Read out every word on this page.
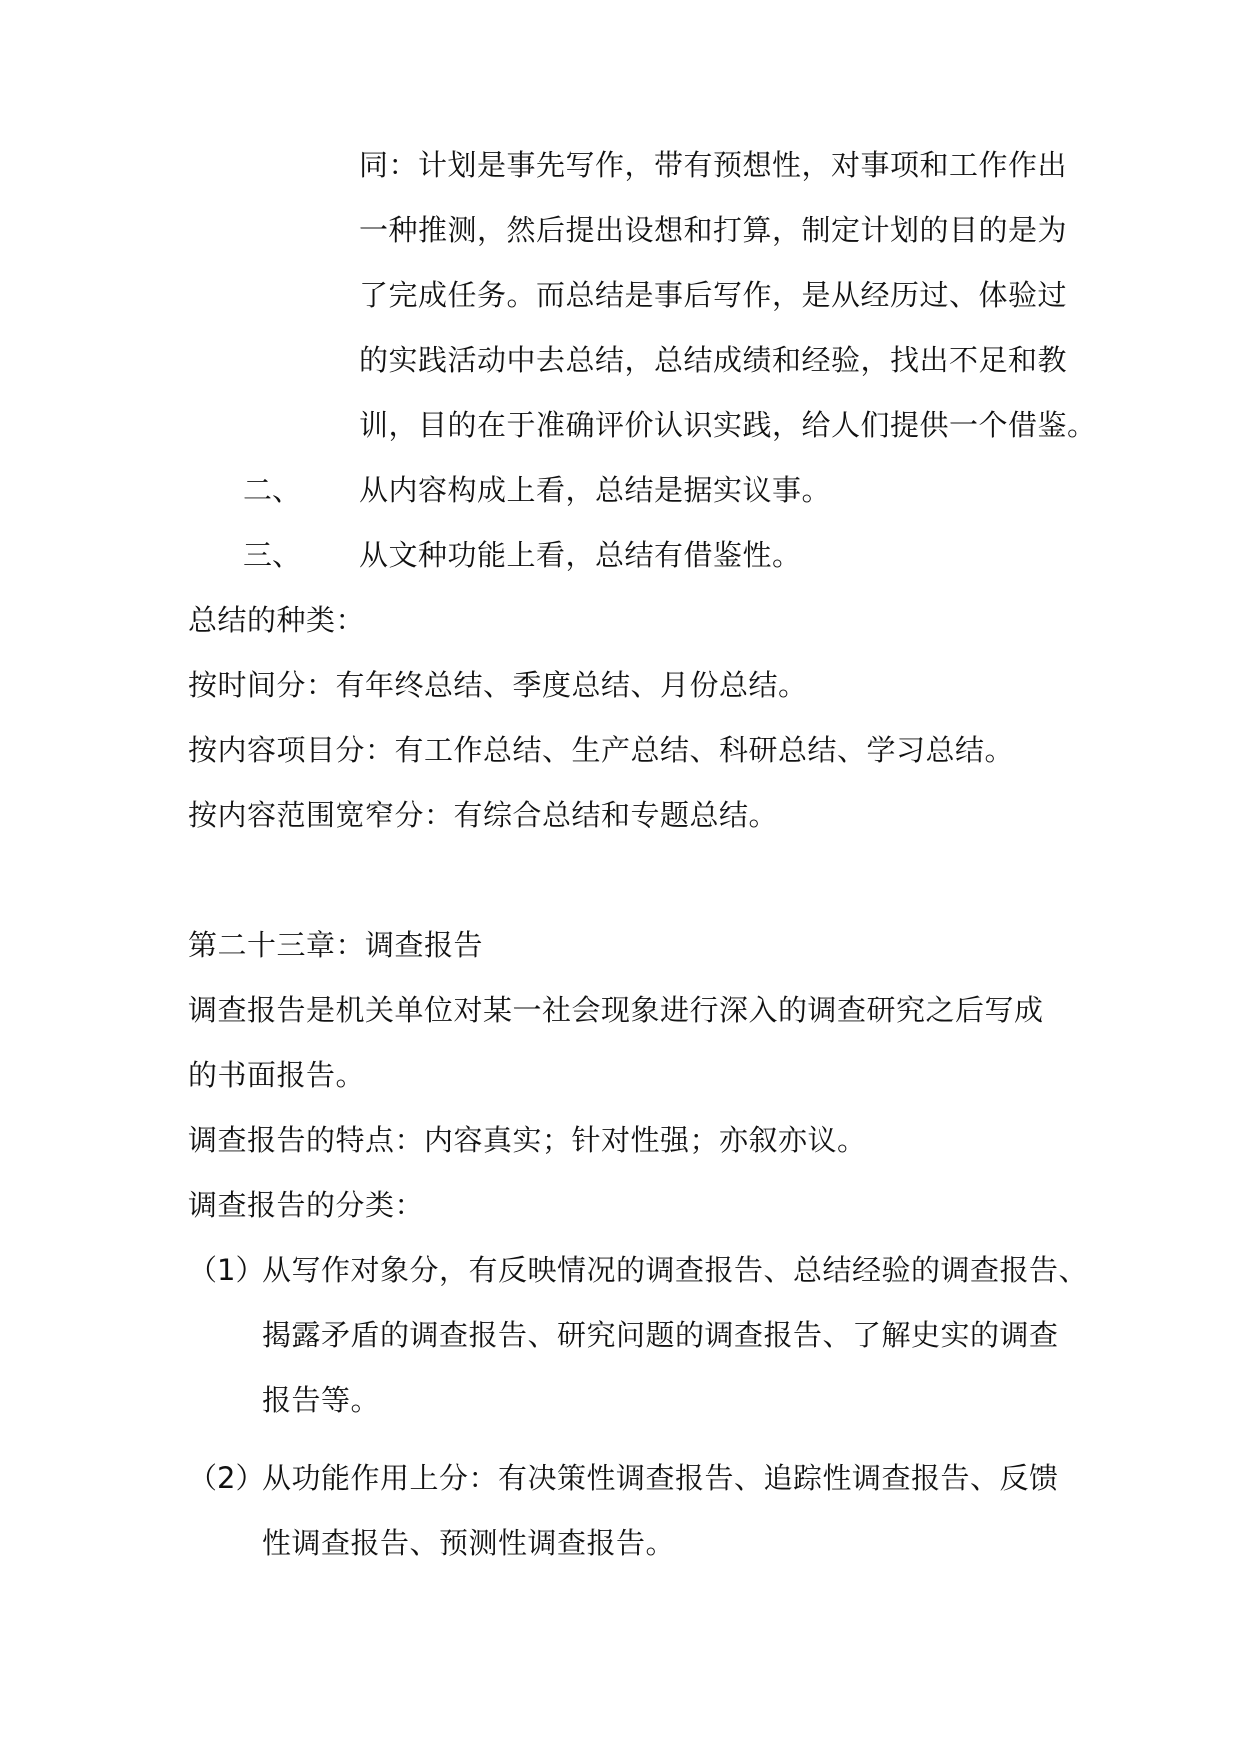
同：计划是事先写作，带有预想性，对事项和工作作出
一种推测，然后提出设想和打算，制定计划的目的是为
了完成任务。而总结是事后写作，是从经历过、体验过
的实践活动中去总结，总结成绩和经验，找出不足和教
训，目的在于准确评价认识实践，给人们提供一个借鉴。
二、 从内容构成上看，总结是据实议事。
三、 从文种功能上看，总结有借鉴性。
总结的种类：
按时间分：有年终总结、季度总结、月份总结。
按内容项目分：有工作总结、生产总结、科研总结、学习总结。
按内容范围宽窄分：有综合总结和专题总结。
第二十三章：调查报告
调查报告是机关单位对某一社会现象进行深入的调查研究之后写成
的书面报告。
调查报告的特点：内容真实；针对性强；亦叙亦议。
调查报告的分类：
（1）
从写作对象分，有反映情况的调查报告、总结经验的调查报告、
揭露矛盾的调查报告、研究问题的调查报告、了解史实的调查
报告等。
（2）
从功能作用上分：有决策性调查报告、追踪性调查报告、反馈
性调查报告、预测性调查报告。
